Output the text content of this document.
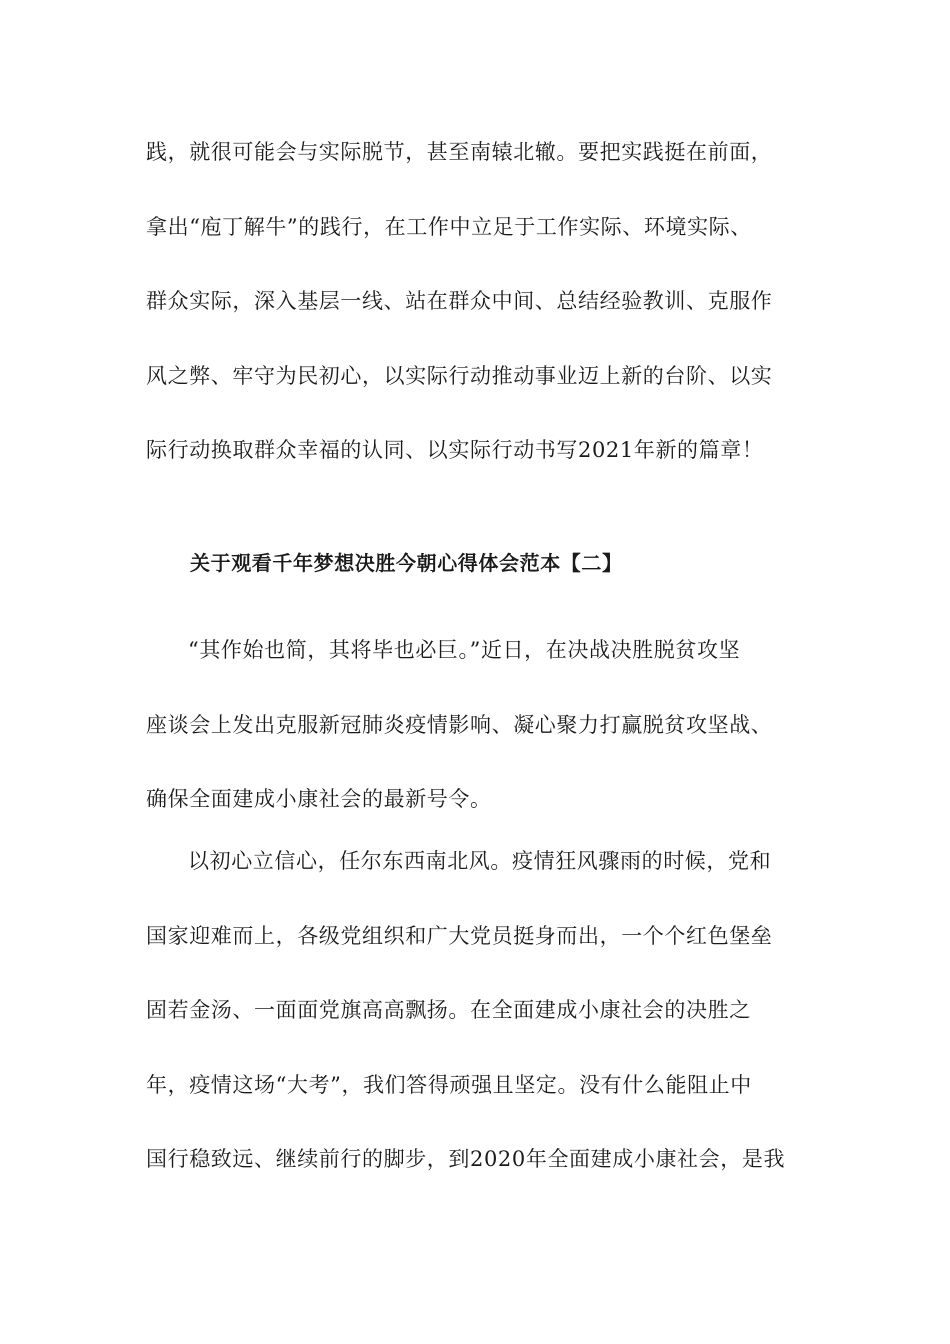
践，就很可能会与实际脱节，甚至南辕北辙。要把实践挺在前面，
拿出“庖丁解牛”的践行，在工作中立足于工作实际、环境实际、
群众实际，深入基层一线、站在群众中间、总结经验教训、克服作
风之弊、牢守为民初心，以实际行动推动事业迈上新的台阶、以实
际行动换取群众幸福的认同、以实际行动书写2021年新的篇章！
关于观看千年梦想决胜今朝心得体会范本【二】
“其作始也简，其将毕也必巨。”近日，在决战决胜脱贫攻坚
座谈会上发出克服新冠肺炎疫情影响、凝心聚力打赢脱贫攻坚战、
确保全面建成小康社会的最新号令。
以初心立信心，任尔东西南北风。疫情狂风骤雨的时候，党和
国家迎难而上，各级党组织和广大党员挺身而出，一个个红色堡垒
固若金汤、一面面党旗高高飘扬。在全面建成小康社会的决胜之
年，疫情这场“大考”，我们答得顽强且坚定。没有什么能阻止中
国行稳致远、继续前行的脚步，到2020年全面建成小康社会，是我
